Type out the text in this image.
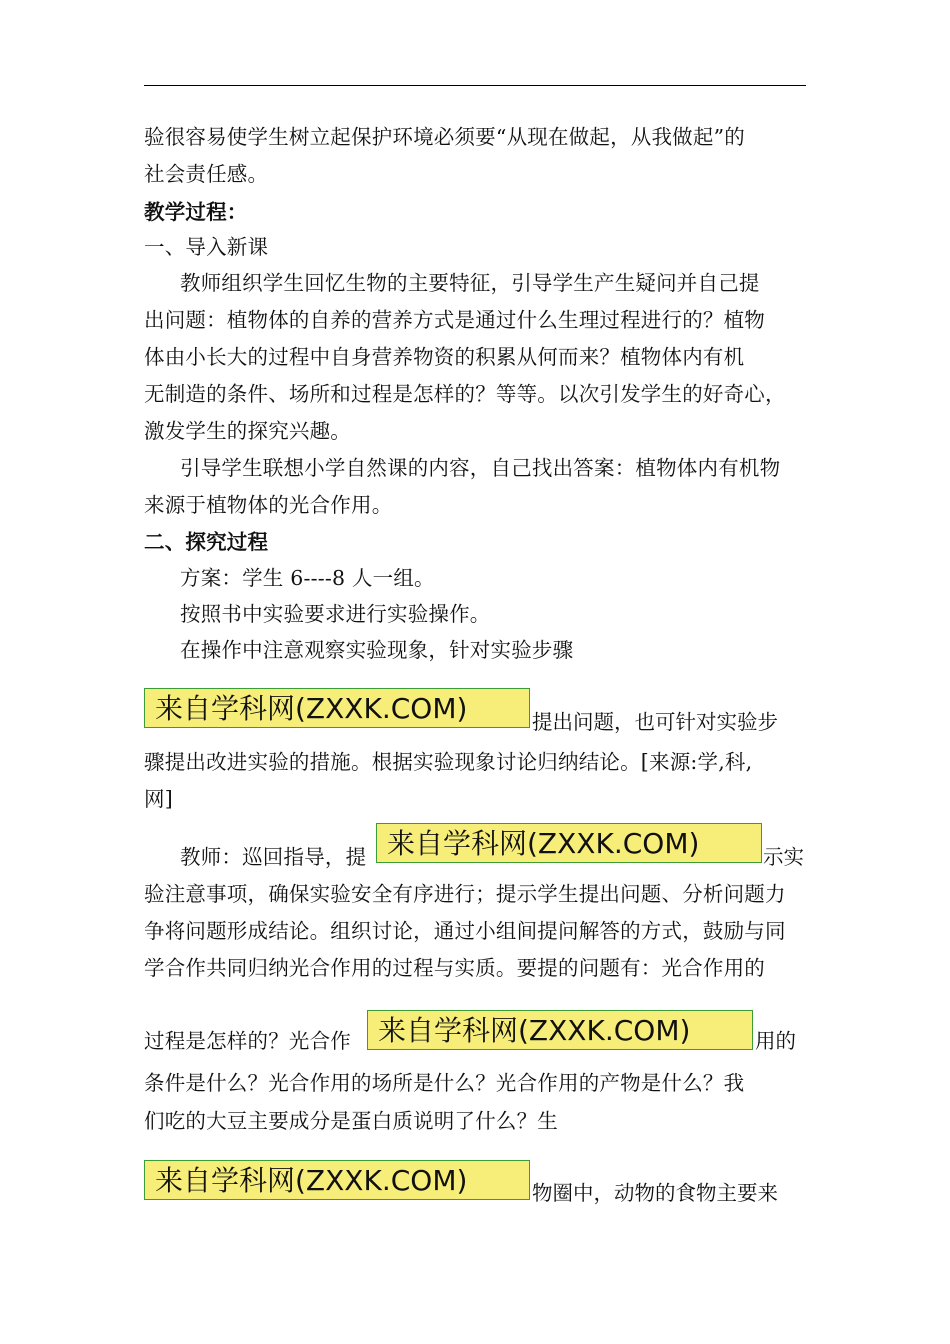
验很容易使学生树立起保护环境必须要“从现在做起，从我做起”的
社会责任感。
教学过程：
一、导入新课
教师组织学生回忆生物的主要特征，引导学生产生疑问并自己提
出问题：植物体的自养的营养方式是通过什么生理过程进行的？植物
体由小长大的过程中自身营养物资的积累从何而来？植物体内有机
无制造的条件、场所和过程是怎样的？等等。以次引发学生的好奇心，
激发学生的探究兴趣。
引导学生联想小学自然课的内容，自己找出答案：植物体内有机物
来源于植物体的光合作用。
二、探究过程
方案：学生 6----8 人一组。
按照书中实验要求进行实验操作。
在操作中注意观察实验现象，针对实验步骤
来自学科网(ZXXK.COM)	提出问题，也可针对实验步
骤提出改进实验的措施。根据实验现象讨论归纳结论。[来源:学,科,
网]
教师：巡回指导，提 来自学科网(ZXXK.COM)	示实
验注意事项，确保实验安全有序进行；提示学生提出问题、分析问题力
争将问题形成结论。组织讨论，通过小组间提问解答的方式，鼓励与同
学合作共同归纳光合作用的过程与实质。要提的问题有：光合作用的
过程是怎样的？光合作 来自学科网(ZXXK.COM)	用的
条件是什么？光合作用的场所是什么？光合作用的产物是什么？我
们吃的大豆主要成分是蛋白质说明了什么？生
来自学科网(ZXXK.COM)	物圈中，动物的食物主要来
